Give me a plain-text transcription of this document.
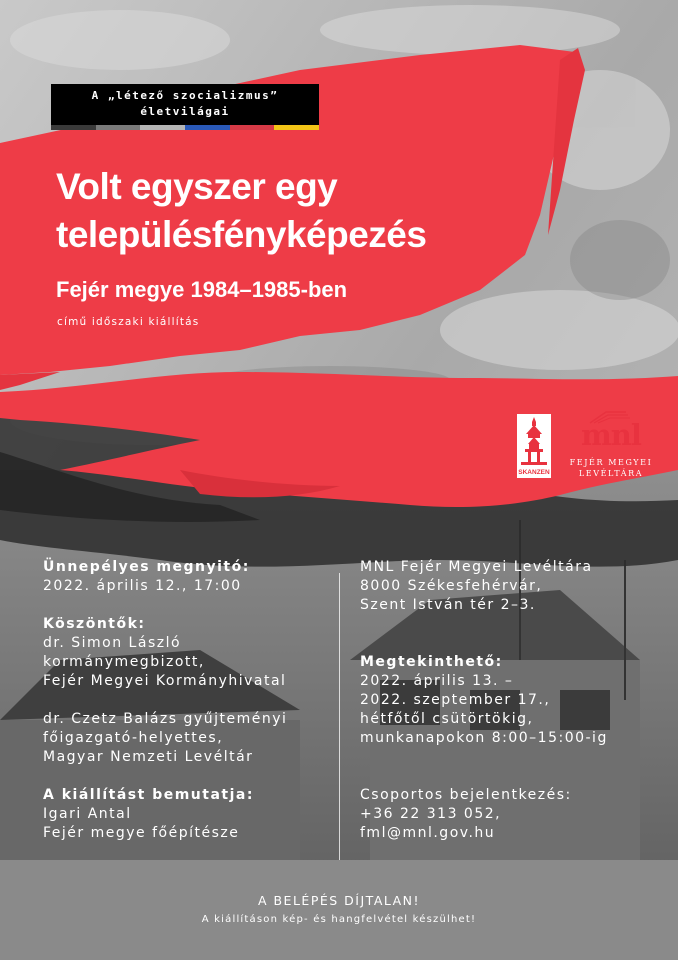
A „létező szocializmus”
életvilágai
Volt egyszer egy
településfényképezés
Fejér megye 1984–1985-ben
című időszaki kiállítás
SKANZEN
mnl
FEJÉR MEGYEI
LEVÉLTÁRA
Ünnepélyes megnyitó:
2022. április 12., 17:00
Köszöntők:
dr. Simon László
kormánymegbizott,
Fejér Megyei Kormányhivatal
dr. Czetz Balázs gyűjteményi
főigazgató-helyettes,
Magyar Nemzeti Levéltár
A kiállítást bemutatja:
Igari Antal
Fejér megye főépítésze
MNL Fejér Megyei Levéltára
8000 Székesfehérvár,
Szent István tér 2–3.
Megtekinthető:
2022. április 13. –
2022. szeptember 17.,
hétfőtől csütörtökig,
munkanapokon 8:00–15:00-ig
Csoportos bejelentkezés:
+36 22 313 052,
fml@mnl.gov.hu
A BELÉPÉS DÍJTALAN!
A kiállításon kép- és hangfelvétel készülhet!
